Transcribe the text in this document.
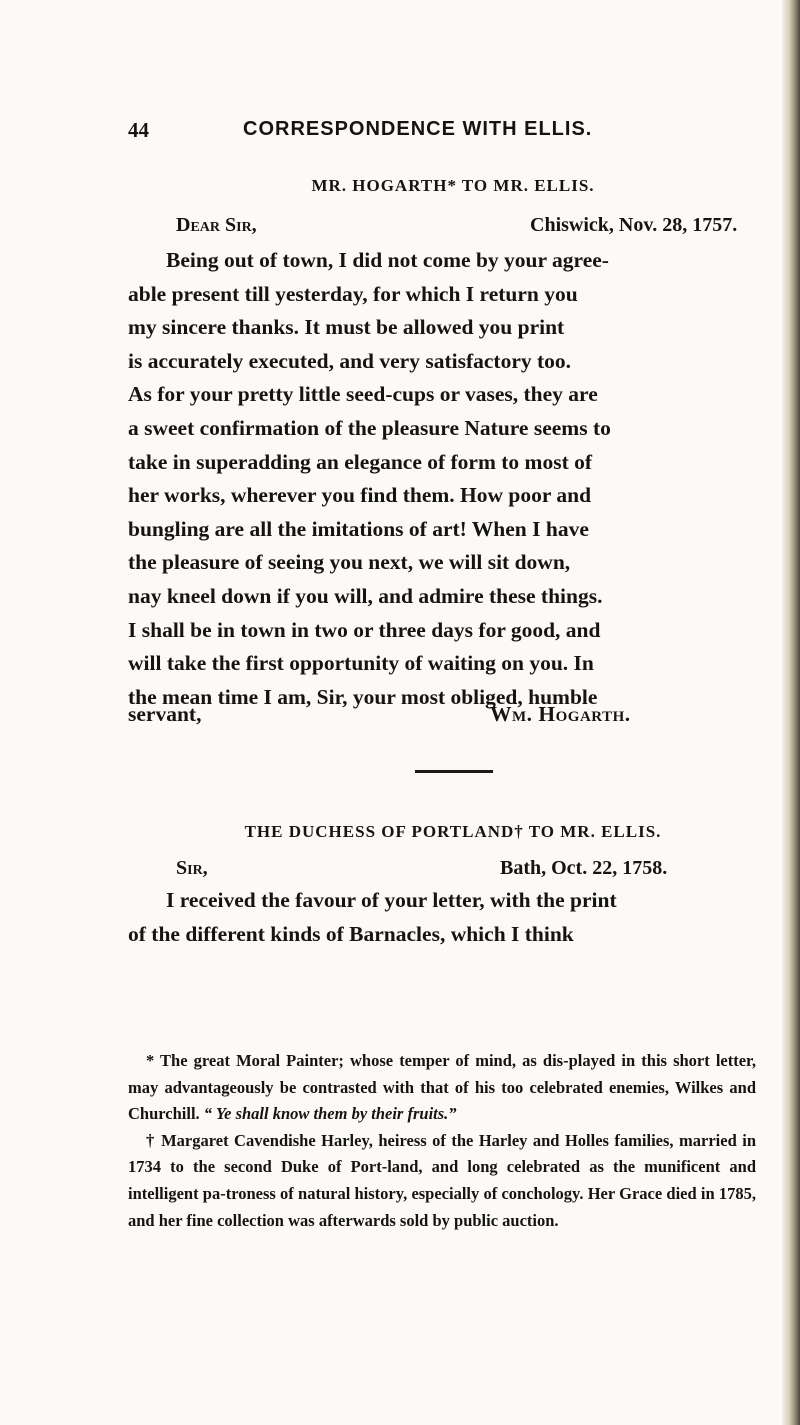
44	CORRESPONDENCE WITH ELLIS.
MR. HOGARTH* TO MR. ELLIS.
Dear Sir,	Chiswick, Nov. 28, 1757.
Being out of town, I did not come by your agree-
able present till yesterday, for which I return you
my sincere thanks. It must be allowed you print
is accurately executed, and very satisfactory too.
As for your pretty little seed-cups or vases, they are
a sweet confirmation of the pleasure Nature seems to
take in superadding an elegance of form to most of
her works, wherever you find them. How poor and
bungling are all the imitations of art! When I have
the pleasure of seeing you next, we will sit down,
nay kneel down if you will, and admire these things.
I shall be in town in two or three days for good, and
will take the first opportunity of waiting on you. In
the mean time I am, Sir, your most obliged, humble
servant,	Wm. Hogarth.
THE DUCHESS OF PORTLAND† TO MR. ELLIS.
Sir,	Bath, Oct. 22, 1758.
I received the favour of your letter, with the print
of the different kinds of Barnacles, which I think

* The great Moral Painter; whose temper of mind, as dis-played in this short letter, may advantageously be contrasted with that of his too celebrated enemies, Wilkes and Churchill. “ Ye shall know them by their fruits.”

† Margaret Cavendishe Harley, heiress of the Harley and Holles families, married in 1734 to the second Duke of Port-land, and long celebrated as the munificent and intelligent pa-troness of natural history, especially of conchology. Her Grace died in 1785, and her fine collection was afterwards sold by public auction.
